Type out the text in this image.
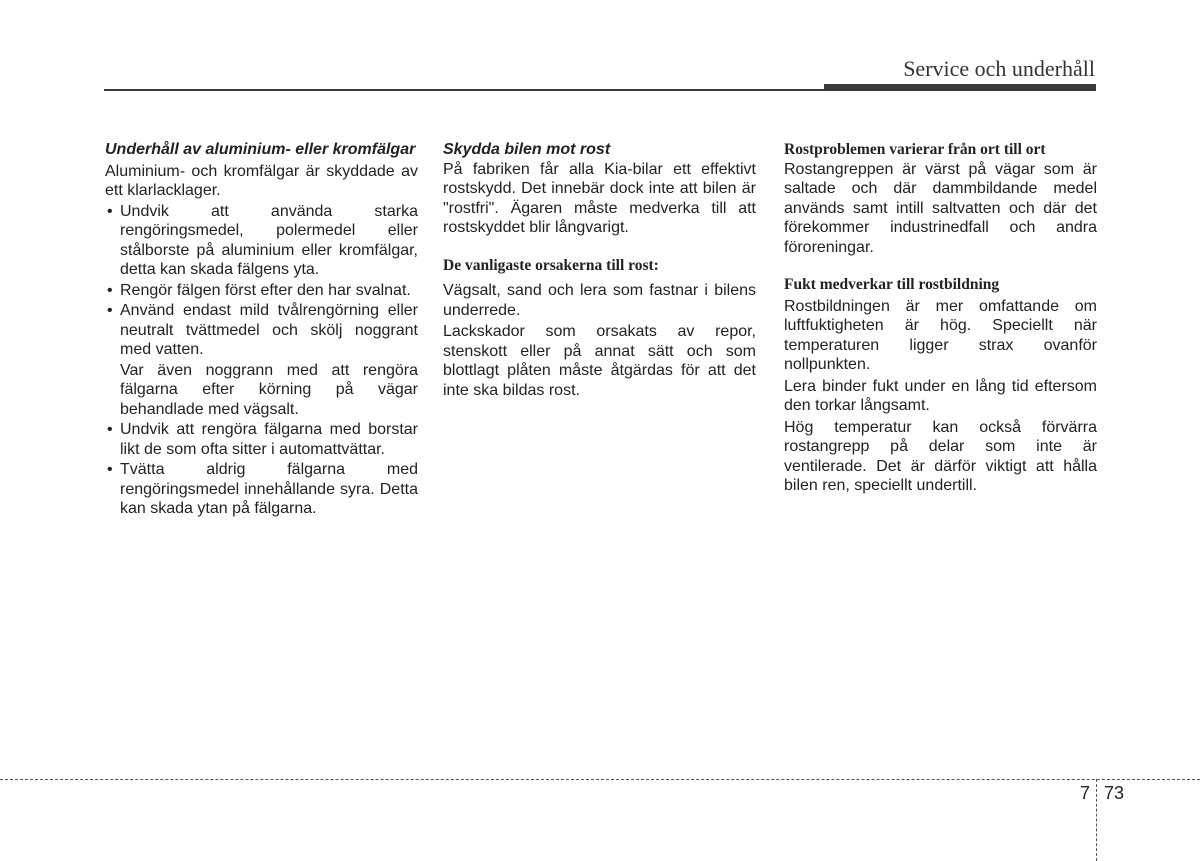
Service och underhåll

Underhåll av aluminium- eller kromfälgar

Aluminium- och kromfälgar är skyddade av ett klarlacklager.

• Undvik att använda starka rengöringsmedel, polermedel eller stålborste på aluminium eller kromfälgar, detta kan skada fälgens yta.
• Rengör fälgen först efter den har svalnat.
• Använd endast mild tvålrengörning eller neutralt tvättmedel och skölj noggrant med vatten.

Var även noggrann med att rengöra fälgarna efter körning på vägar behandlade med vägsalt.

• Undvik att rengöra fälgarna med borstar likt de som ofta sitter i automattvättar.
• Tvätta aldrig fälgarna med rengöringsmedel innehållande syra. Detta kan skada ytan på fälgarna.

Skydda bilen mot rost

På fabriken får alla Kia-bilar ett effektivt rostskydd. Det innebär dock inte att bilen är "rostfri". Ägaren måste medverka till att rostskyddet blir långvarigt.

De vanligaste orsakerna till rost:

Vägsalt, sand och lera som fastnar i bilens underrede.

Lackskador som orsakats av repor, stenskott eller på annat sätt och som blottlagt plåten måste åtgärdas för att det inte ska bildas rost.

Rostproblemen varierar från ort till ort

Rostangreppen är värst på vägar som är saltade och där dammbildande medel används samt intill saltvatten och där det förekommer industrinedfall och andra föroreningar.

Fukt medverkar till rostbildning

Rostbildningen är mer omfattande om luftfuktigheten är hög. Speciellt när temperaturen ligger strax ovanför nollpunkten.

Lera binder fukt under en lång tid eftersom den torkar långsamt.

Hög temperatur kan också förvärra rostangrepp på delar som inte är ventilerade. Det är därför viktigt att hålla bilen ren, speciellt undertill.

7 73
